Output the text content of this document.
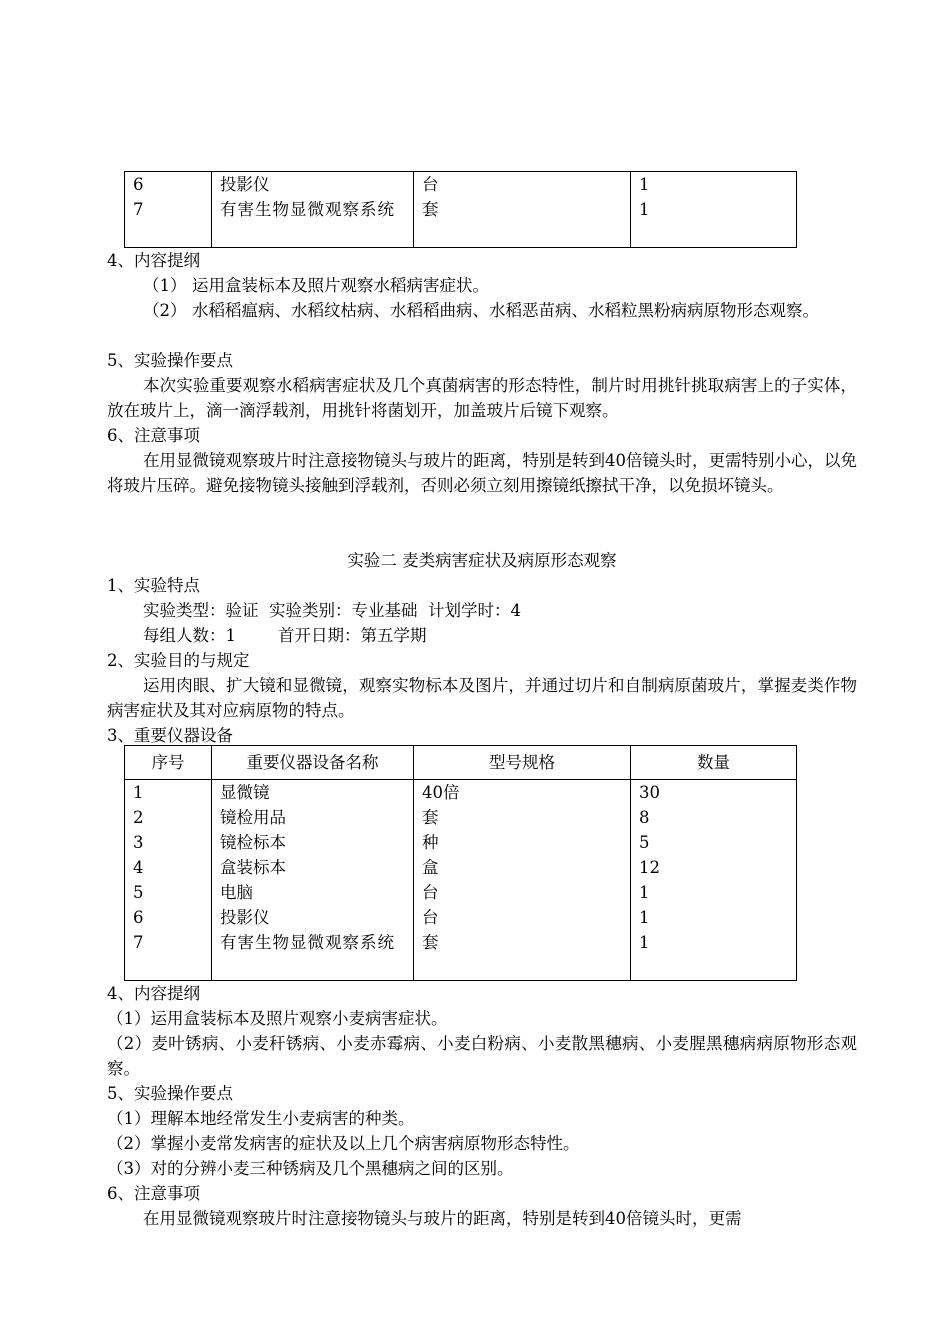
6	投影仪	台	1
7	有害生物显微观察系统	套	1
4、内容提纲
（1） 运用盒装标本及照片观察水稻病害症状。
（2） 水稻稻瘟病、水稻纹枯病、水稻稻曲病、水稻恶苗病、水稻粒黑粉病病原物形态观察。
5、实验操作要点
本次实验重要观察水稻病害症状及几个真菌病害的形态特性，制片时用挑针挑取病害上的子实体，放在玻片上，滴一滴浮载剂，用挑针将菌划开，加盖玻片后镜下观察。
6、注意事项
在用显微镜观察玻片时注意接物镜头与玻片的距离，特别是转到40倍镜头时，更需特别小心，以免将玻片压碎。避免接物镜头接触到浮载剂，否则必须立刻用擦镜纸擦拭干净，以免损坏镜头。
实验二 麦类病害症状及病原形态观察
1、实验特点
实验类型：验证  实验类别：专业基础  计划学时：4
每组人数：1        首开日期：第五学期
2、实验目的与规定
运用肉眼、扩大镜和显微镜，观察实物标本及图片，并通过切片和自制病原菌玻片，掌握麦类作物病害症状及其对应病原物的特点。
3、重要仪器设备
序号	重要仪器设备名称	型号规格	数量
1	显微镜	40倍	30
2	镜检用品	套	8
3	镜检标本	种	5
4	盒装标本	盒	12
5	电脑	台	1
6	投影仪	台	1
7	有害生物显微观察系统	套	1
4、内容提纲
（1）运用盒装标本及照片观察小麦病害症状。
（2）麦叶锈病、小麦秆锈病、小麦赤霉病、小麦白粉病、小麦散黑穗病、小麦腥黑穗病病原物形态观察。
5、实验操作要点
（1）理解本地经常发生小麦病害的种类。
（2）掌握小麦常发病害的症状及以上几个病害病原物形态特性。
（3）对的分辨小麦三种锈病及几个黑穗病之间的区别。
6、注意事项
在用显微镜观察玻片时注意接物镜头与玻片的距离，特别是转到40倍镜头时，更需
